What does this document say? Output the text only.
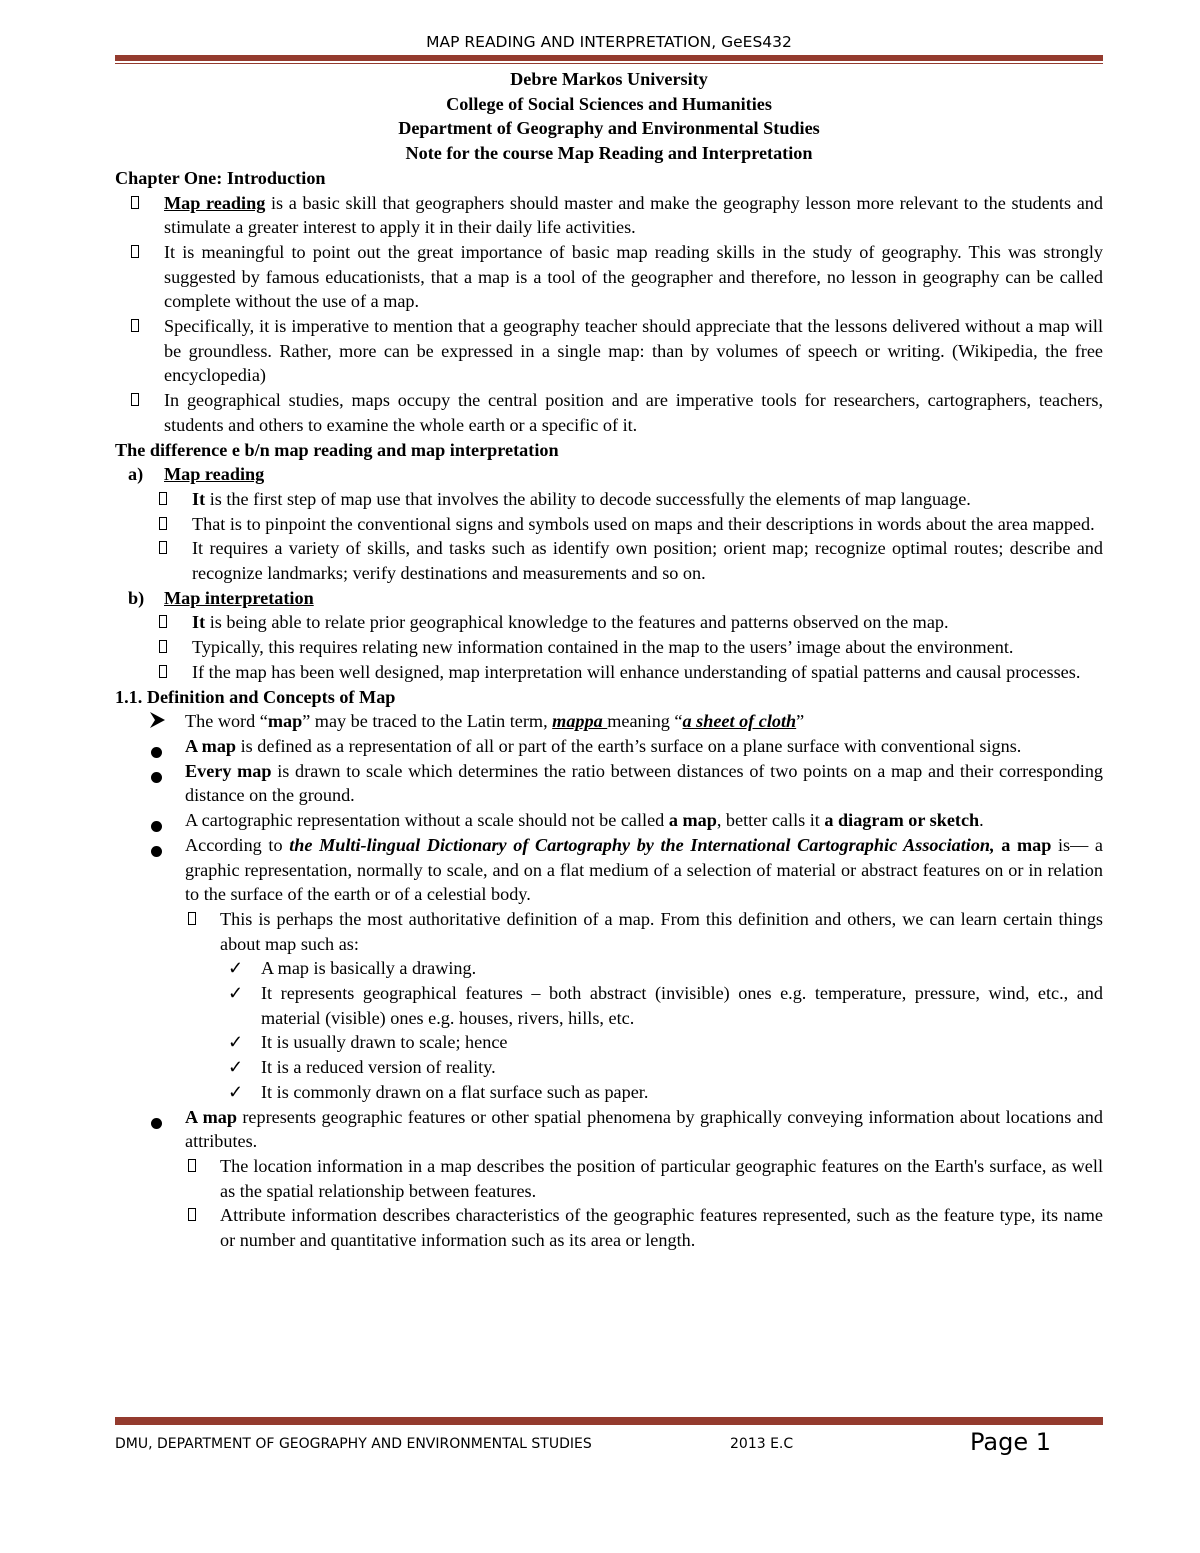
MAP READING AND INTERPRETATION, GeES432
Debre Markos University
College of Social Sciences and Humanities
Department of Geography and Environmental Studies
Note for the course Map Reading and Interpretation
Chapter One: Introduction
Map reading is a basic skill that geographers should master and make the geography lesson more relevant to the students and stimulate a greater interest to apply it in their daily life activities.
It is meaningful to point out the great importance of basic map reading skills in the study of geography. This was strongly suggested by famous educationists, that a map is a tool of the geographer and therefore, no lesson in geography can be called complete without the use of a map.
Specifically, it is imperative to mention that a geography teacher should appreciate that the lessons delivered without a map will be groundless. Rather, more can be expressed in a single map: than by volumes of speech or writing. (Wikipedia, the free encyclopedia)
In geographical studies, maps occupy the central position and are imperative tools for researchers, cartographers, teachers, students and others to examine the whole earth or a specific of it.
The difference e b/n map reading and map interpretation
a) Map reading
It is the first step of map use that involves the ability to decode successfully the elements of map language.
That is to pinpoint the conventional signs and symbols used on maps and their descriptions in words about the area mapped.
It requires a variety of skills, and tasks such as identify own position; orient map; recognize optimal routes; describe and recognize landmarks; verify destinations and measurements and so on.
b) Map interpretation
It is being able to relate prior geographical knowledge to the features and patterns observed on the map.
Typically, this requires relating new information contained in the map to the users’ image about the environment.
If the map has been well designed, map interpretation will enhance understanding of spatial patterns and causal processes.
1.1. Definition and Concepts of Map
The word “map” may be traced to the Latin term, mappa meaning “a sheet of cloth”
A map is defined as a representation of all or part of the earth’s surface on a plane surface with conventional signs.
Every map is drawn to scale which determines the ratio between distances of two points on a map and their corresponding distance on the ground.
A cartographic representation without a scale should not be called a map, better calls it a diagram or sketch.
According to the Multi-lingual Dictionary of Cartography by the International Cartographic Association, a map is— a graphic representation, normally to scale, and on a flat medium of a selection of material or abstract features on or in relation to the surface of the earth or of a celestial body.
This is perhaps the most authoritative definition of a map. From this definition and others, we can learn certain things about map such as:
✓ A map is basically a drawing.
✓ It represents geographical features – both abstract (invisible) ones e.g. temperature, pressure, wind, etc., and material (visible) ones e.g. houses, rivers, hills, etc.
✓ It is usually drawn to scale; hence
✓ It is a reduced version of reality.
✓ It is commonly drawn on a flat surface such as paper.
A map represents geographic features or other spatial phenomena by graphically conveying information about locations and attributes.
The location information in a map describes the position of particular geographic features on the Earth's surface, as well as the spatial relationship between features.
Attribute information describes characteristics of the geographic features represented, such as the feature type, its name or number and quantitative information such as its area or length.
DMU, DEPARTMENT OF GEOGRAPHY AND ENVIRONMENTAL STUDIES	2013 E.C	Page 1
